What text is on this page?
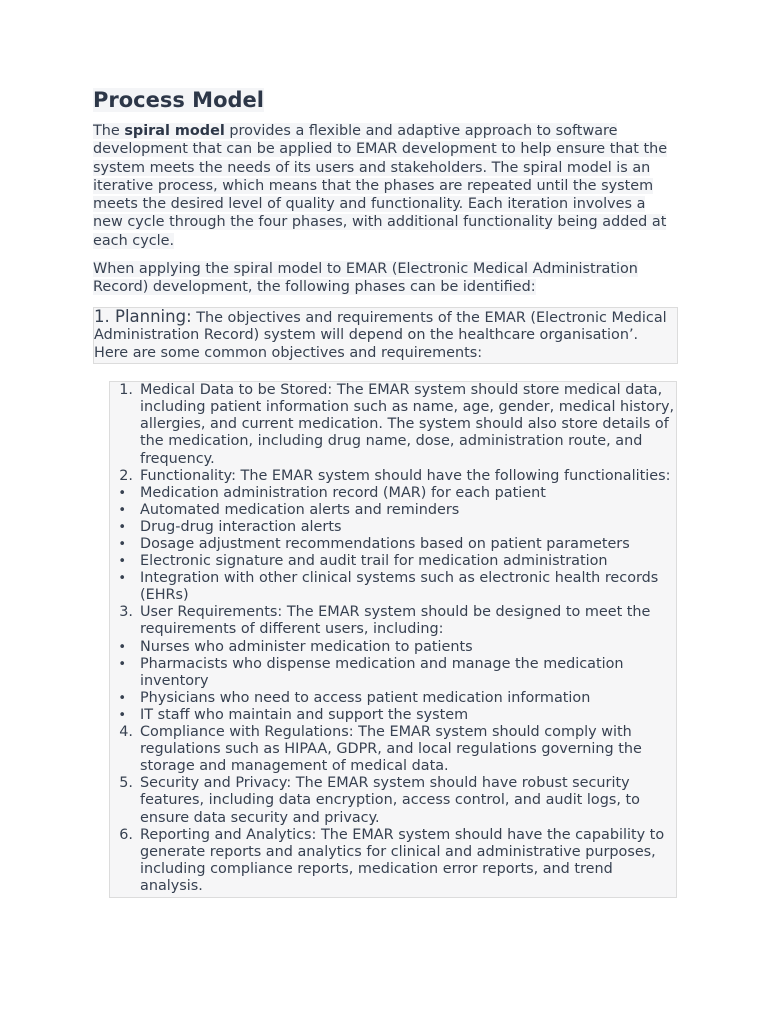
Process Model

The spiral model provides a flexible and adaptive approach to software development that can be applied to EMAR development to help ensure that the system meets the needs of its users and stakeholders. The spiral model is an iterative process, which means that the phases are repeated until the system meets the desired level of quality and functionality. Each iteration involves a new cycle through the four phases, with additional functionality being added at each cycle.

When applying the spiral model to EMAR (Electronic Medical Administration Record) development, the following phases can be identified:

1. Planning: The objectives and requirements of the EMAR (Electronic Medical Administration Record) system will depend on the healthcare organisation’. Here are some common objectives and requirements:
1. Medical Data to be Stored: The EMAR system should store medical data, including patient information such as name, age, gender, medical history, allergies, and current medication. The system should also store details of the medication, including drug name, dose, administration route, and frequency.
2. Functionality: The EMAR system should have the following functionalities:
• Medication administration record (MAR) for each patient
• Automated medication alerts and reminders
• Drug-drug interaction alerts
• Dosage adjustment recommendations based on patient parameters
• Electronic signature and audit trail for medication administration
• Integration with other clinical systems such as electronic health records (EHRs)
3. User Requirements: The EMAR system should be designed to meet the requirements of different users, including:
• Nurses who administer medication to patients
• Pharmacists who dispense medication and manage the medication inventory
• Physicians who need to access patient medication information
• IT staff who maintain and support the system
4. Compliance with Regulations: The EMAR system should comply with regulations such as HIPAA, GDPR, and local regulations governing the storage and management of medical data.
5. Security and Privacy: The EMAR system should have robust security features, including data encryption, access control, and audit logs, to ensure data security and privacy.
6. Reporting and Analytics: The EMAR system should have the capability to generate reports and analytics for clinical and administrative purposes, including compliance reports, medication error reports, and trend analysis.
